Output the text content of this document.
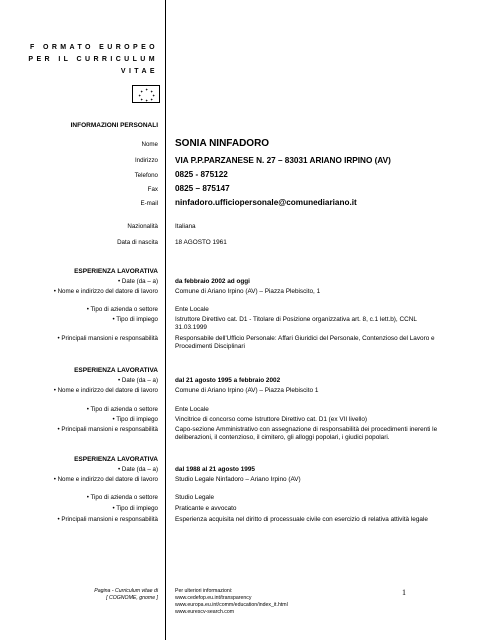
F ORMATO EUROPEO
PER IL CURRICULUM
VITAE
✦ ✦
✦
✦
✦
✦
✦
✦
INFORMAZIONI PERSONALI
Nome SONIA NINFADORO
Indirizzo VIA P.P.PARZANESE N. 27 – 83031 ARIANO IRPINO (AV)
Telefono 0825 - 875122
Fax 0825 – 875147
E-mail ninfadoro.ufficiopersonale@comunediariano.it
Nazionalità	Italiana
Data di nascita	18 AGOSTO 1961
ESPERIENZA LAVORATIVA
• Date (da – a)	da febbraio 2002 ad oggi
• Nome e indirizzo del datore di lavoro	Comune di Ariano Irpino (AV) – Piazza Plebiscito, 1
• Tipo di azienda o settore	Ente Locale
• Tipo di impiego	Istruttore Direttivo cat. D1 - Titolare di Posizione organizzativa art. 8, c.1 lett.b), CCNL 31.03.1999
• Principali mansioni e responsabilità	Responsabile dell'Ufficio Personale: Affari Giuridici del Personale, Contenzioso del Lavoro e Procedimenti Disciplinari
ESPERIENZA LAVORATIVA
• Date (da – a)	dal 21 agosto 1995 a febbraio 2002
• Nome e indirizzo del datore di lavoro	Comune di Ariano Irpino (AV) – Piazza Plebiscito 1
• Tipo di azienda o settore	Ente Locale
• Tipo di impiego	Vincitrice di concorso come Istruttore Direttivo cat. D1 (ex VII livello)
• Principali mansioni e responsabilità	Capo-sezione Amministrativo con assegnazione di responsabilità dei procedimenti inerenti le deliberazioni, il contenzioso, il cimitero, gli alloggi popolari, i giudici popolari.
ESPERIENZA LAVORATIVA
• Date (da – a)	dal 1988 al 21 agosto 1995
• Nome e indirizzo del datore di lavoro	Studio Legale Ninfadoro – Ariano Irpino (AV)
• Tipo di azienda o settore	Studio Legale
• Tipo di impiego	Praticante e avvocato
• Principali mansioni e responsabilità	Esperienza acquisita nel diritto di processuale civile con esercizio di relativa attività legale
Pagina - Curriculum vitae di
[ COGNOME, gnome ]
Per ulteriori informazioni:
www.cedefop.eu.int/transparency
www.europa.eu.int/comm/education/index_it.html
www.eurescv-search.com
1
